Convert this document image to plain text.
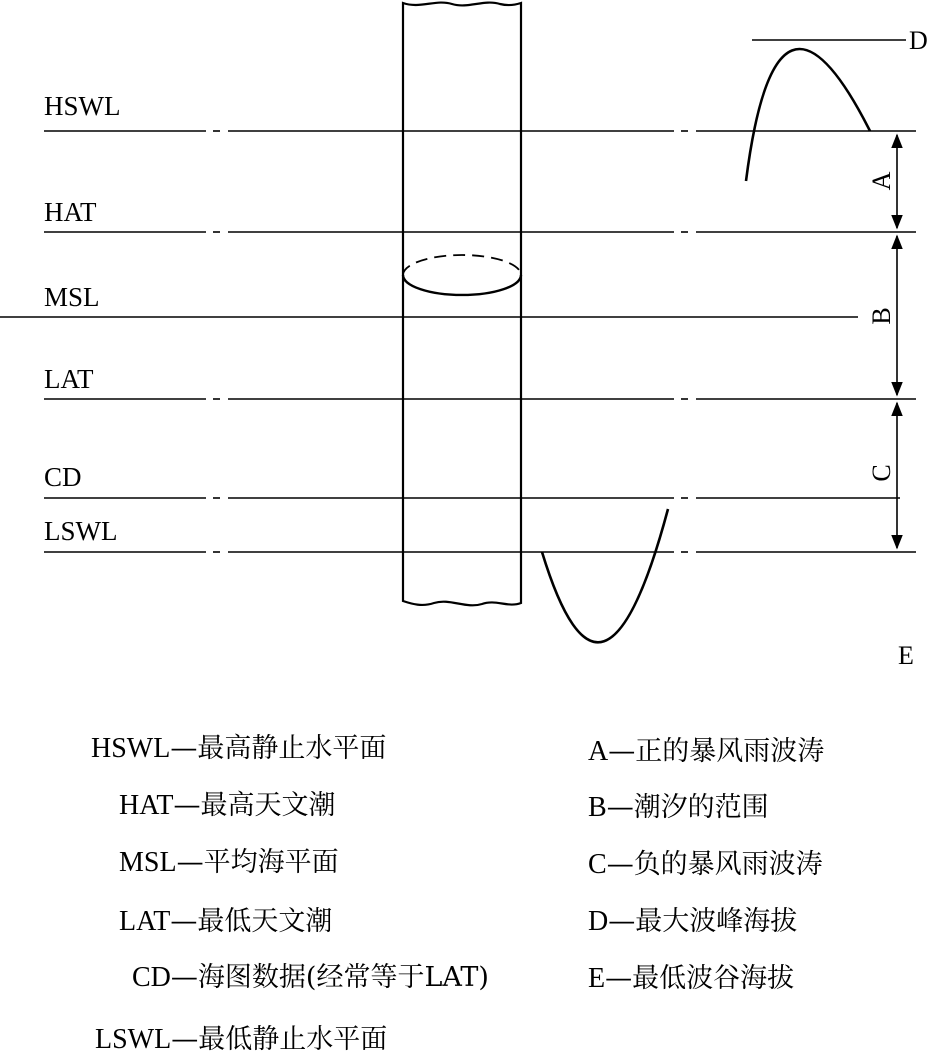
HSWL
HAT
MSL
LAT
CD
LSWL
A
B
C
D
E
HSWL—最高静止水平面
HAT—最高天文潮
MSL—平均海平面
LAT—最低天文潮
CD—海图数据(经常等于LAT)
LSWL—最低静止水平面
A—正的暴风雨波涛
B—潮汐的范围
C—负的暴风雨波涛
D—最大波峰海拔
E—最低波谷海拔
